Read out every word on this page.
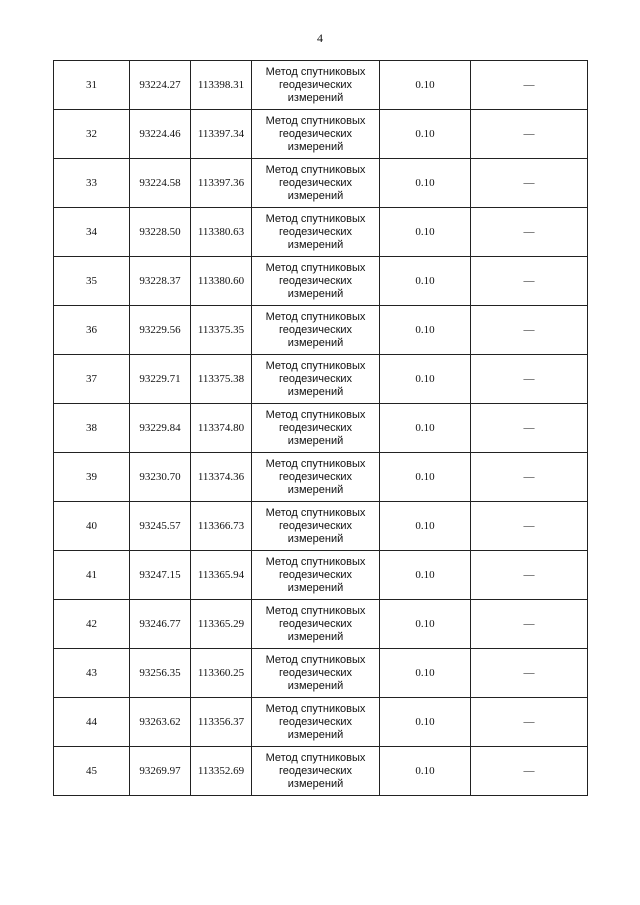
4
31	93224.27	113398.31	Метод спутниковых
геодезических измерений	0.10	—
32	93224.46	113397.34	Метод спутниковых
геодезических измерений	0.10	—
33	93224.58	113397.36	Метод спутниковых
геодезических измерений	0.10	—
34	93228.50	113380.63	Метод спутниковых
геодезических измерений	0.10	—
35	93228.37	113380.60	Метод спутниковых
геодезических измерений	0.10	—
36	93229.56	113375.35	Метод спутниковых
геодезических измерений	0.10	—
37	93229.71	113375.38	Метод спутниковых
геодезических измерений	0.10	—
38	93229.84	113374.80	Метод спутниковых
геодезических измерений	0.10	—
39	93230.70	113374.36	Метод спутниковых
геодезических измерений	0.10	—
40	93245.57	113366.73	Метод спутниковых
геодезических измерений	0.10	—
41	93247.15	113365.94	Метод спутниковых
геодезических измерений	0.10	—
42	93246.77	113365.29	Метод спутниковых
геодезических измерений	0.10	—
43	93256.35	113360.25	Метод спутниковых
геодезических измерений	0.10	—
44	93263.62	113356.37	Метод спутниковых
геодезических измерений	0.10	—
45	93269.97	113352.69	Метод спутниковых
геодезических измерений	0.10	—
